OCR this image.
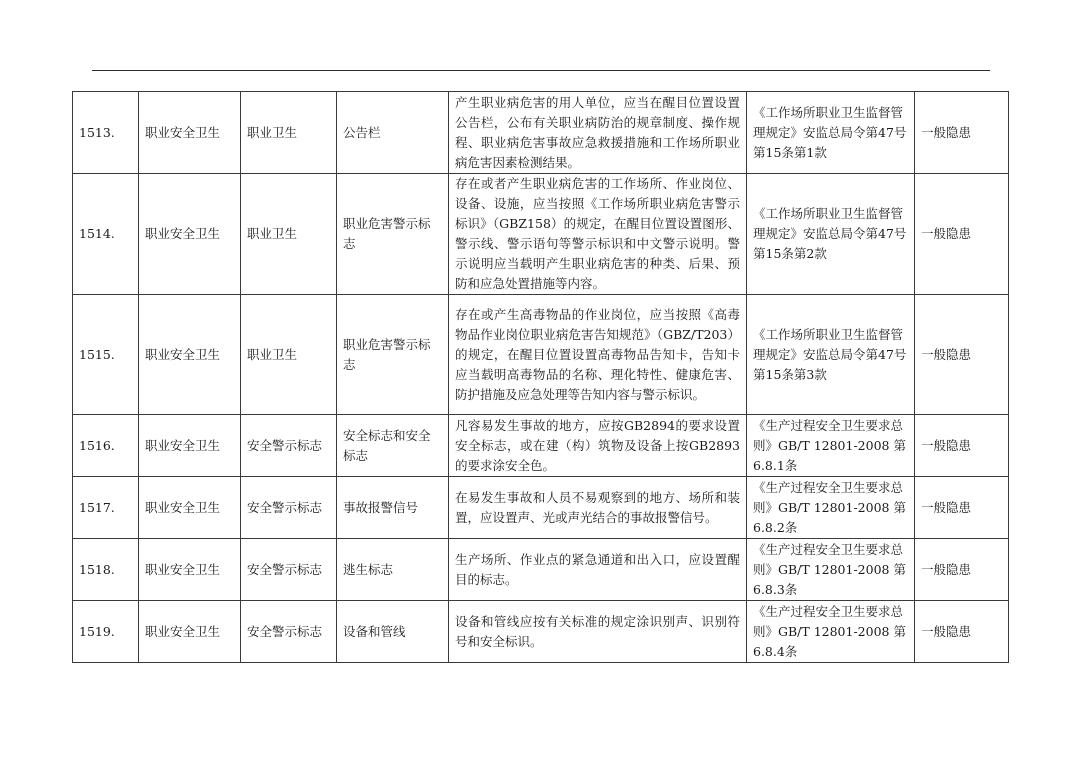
1513.	职业安全卫生	职业卫生	公告栏	产生职业病危害的用人单位，应当在醒目位置设置公告栏，公布有关职业病防治的规章制度、操作规程、职业病危害事故应急救援措施和工作场所职业病危害因素检测结果。	《工作场所职业卫生监督管理规定》安监总局令第47号第15条第1款	一般隐患
1514.	职业安全卫生	职业卫生	职业危害警示标志	存在或者产生职业病危害的工作场所、作业岗位、设备、设施，应当按照《工作场所职业病危害警示标识》（GBZ158）的规定，在醒目位置设置图形、警示线、警示语句等警示标识和中文警示说明。警示说明应当载明产生职业病危害的种类、后果、预防和应急处置措施等内容。	《工作场所职业卫生监督管理规定》安监总局令第47号第15条第2款	一般隐患
1515.	职业安全卫生	职业卫生	职业危害警示标志	存在或产生高毒物品的作业岗位，应当按照《高毒物品作业岗位职业病危害告知规范》（GBZ/T203）的规定，在醒目位置设置高毒物品告知卡，告知卡应当载明高毒物品的名称、理化特性、健康危害、防护措施及应急处理等告知内容与警示标识。	《工作场所职业卫生监督管理规定》安监总局令第47号第15条第3款	一般隐患
1516.	职业安全卫生	安全警示标志	安全标志和安全标志	凡容易发生事故的地方，应按GB2894的要求设置安全标志，或在建（构）筑物及设备上按GB2893的要求涂安全色。	《生产过程安全卫生要求总则》GB/T 12801-2008 第6.8.1条	一般隐患
1517.	职业安全卫生	安全警示标志	事故报警信号	在易发生事故和人员不易观察到的地方、场所和装置，应设置声、光或声光结合的事故报警信号。	《生产过程安全卫生要求总则》GB/T 12801-2008 第6.8.2条	一般隐患
1518.	职业安全卫生	安全警示标志	逃生标志	生产场所、作业点的紧急通道和出入口，应设置醒目的标志。	《生产过程安全卫生要求总则》GB/T 12801-2008 第6.8.3条	一般隐患
1519.	职业安全卫生	安全警示标志	设备和管线	设备和管线应按有关标准的规定涂识别声、识别符号和安全标识。	《生产过程安全卫生要求总则》GB/T 12801-2008 第6.8.4条	一般隐患
